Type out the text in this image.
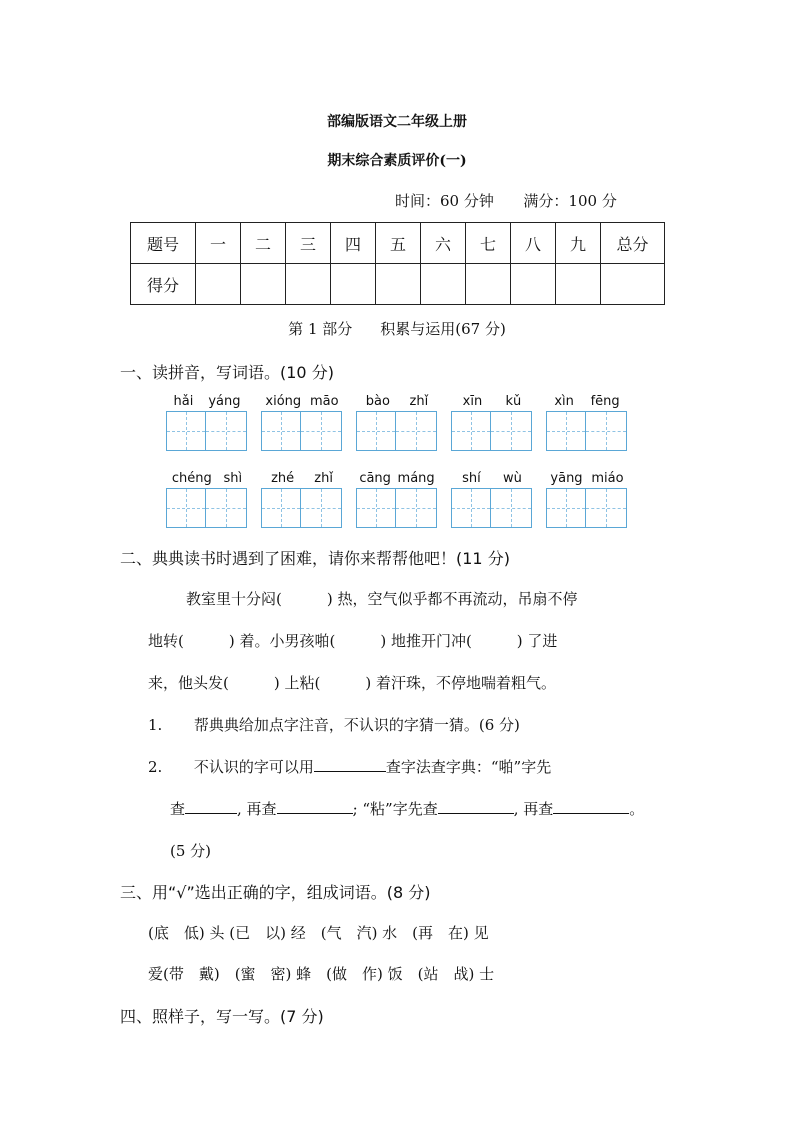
部编版语文二年级上册
期末综合素质评价(一)
时间：60 分钟 满分：100 分
题号	一	二	三	四	五	六	七	八	九	总分
得分										
第 1 部分 积累与运用(67 分)
一、读拼音，写词语。(10 分)
hǎi yáng xióng māo bào zhǐ	xīn kǔ	xìn fēng
chéng shì zhé zhǐ cāng máng shí wù yāng miáo
二、典典读书时遇到了困难，请你来帮帮他吧！(11 分)
教室里十分闷(　　　) 热，空气似乎都不再流动，吊扇不停
地转(　　　) 着。小男孩啪(　　　) 地推开门冲(　　　) 了进
来，他头发(　　　) 上粘(　　　) 着汗珠，不停地喘着粗气。
1. 帮典典给加点字注音，不认识的字猜一猜。(6 分)
2. 不认识的字可以用	查字法查字典：“啪”字先
查	, 再查	; “粘”字先查	, 再查	。
(5 分)
三、用“√”选出正确的字，组成词语。(8 分)
(底　低) 头 (已　以) 经　(气　汽) 水　(再　在) 见
爱(带　戴)　(蜜　密) 蜂　(做　作) 饭　(站　战) 士
四、照样子，写一写。(7 分)
